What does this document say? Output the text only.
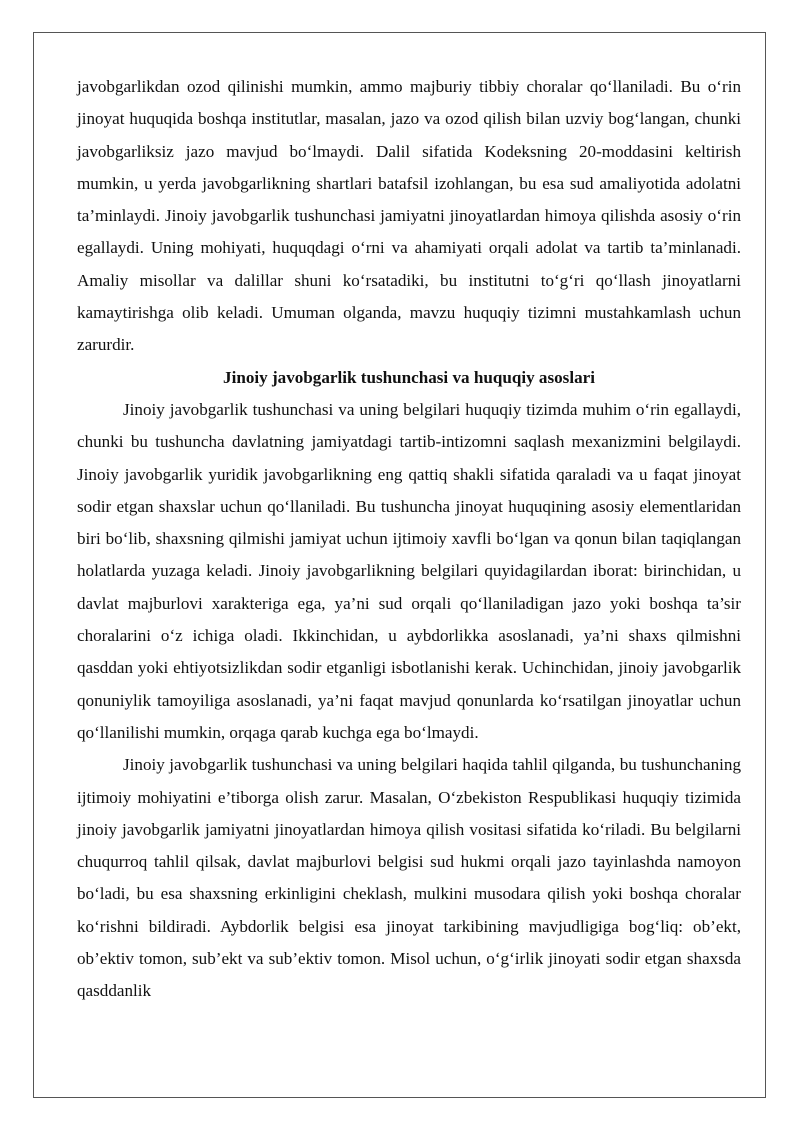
javobgarlikdan ozod qilinishi mumkin, ammo majburiy tibbiy choralar qo‘llaniladi. Bu o‘rin jinoyat huquqida boshqa institutlar, masalan, jazo va ozod qilish bilan uzviy bog‘langan, chunki javobgarliksiz jazo mavjud bo‘lmaydi. Dalil sifatida Kodeksning 20-moddasini keltirish mumkin, u yerda javobgarlikning shartlari batafsil izohlangan, bu esa sud amaliyotida adolatni ta’minlaydi. Jinoiy javobgarlik tushunchasi jamiyatni jinoyatlardan himoya qilishda asosiy o‘rin egallaydi. Uning mohiyati, huquqdagi o‘rni va ahamiyati orqali adolat va tartib ta’minlanadi. Amaliy misollar va dalillar shuni ko‘rsatadiki, bu institutni to‘g‘ri qo‘llash jinoyatlarni kamaytirishga olib keladi. Umuman olganda, mavzu huquqiy tizimni mustahkamlash uchun zarurdir.

Jinoiy javobgarlik tushunchasi va huquqiy asoslari

Jinoiy javobgarlik tushunchasi va uning belgilari huquqiy tizimda muhim o‘rin egallaydi, chunki bu tushuncha davlatning jamiyatdagi tartib-intizomni saqlash mexanizmini belgilaydi. Jinoiy javobgarlik yuridik javobgarlikning eng qattiq shakli sifatida qaraladi va u faqat jinoyat sodir etgan shaxslar uchun qo‘llaniladi. Bu tushuncha jinoyat huquqining asosiy elementlaridan biri bo‘lib, shaxsning qilmishi jamiyat uchun ijtimoiy xavfli bo‘lgan va qonun bilan taqiqlangan holatlarda yuzaga keladi. Jinoiy javobgarlikning belgilari quyidagilardan iborat: birinchidan, u davlat majburlovi xarakteriga ega, ya’ni sud orqali qo‘llaniladigan jazo yoki boshqa ta’sir choralarini o‘z ichiga oladi. Ikkinchidan, u aybdorlikka asoslanadi, ya’ni shaxs qilmishni qasddan yoki ehtiyotsizlikdan sodir etganligi isbotlanishi kerak. Uchinchidan, jinoiy javobgarlik qonuniylik tamoyiliga asoslanadi, ya’ni faqat mavjud qonunlarda ko‘rsatilgan jinoyatlar uchun qo‘llanilishi mumkin, orqaga qarab kuchga ega bo‘lmaydi.

Jinoiy javobgarlik tushunchasi va uning belgilari haqida tahlil qilganda, bu tushunchaning ijtimoiy mohiyatini e’tiborga olish zarur. Masalan, O‘zbekiston Respublikasi huquqiy tizimida jinoiy javobgarlik jamiyatni jinoyatlardan himoya qilish vositasi sifatida ko‘riladi. Bu belgilarni chuqurroq tahlil qilsak, davlat majburlovi belgisi sud hukmi orqali jazo tayinlashda namoyon bo‘ladi, bu esa shaxsning erkinligini cheklash, mulkini musodara qilish yoki boshqa choralar ko‘rishni bildiradi. Aybdorlik belgisi esa jinoyat tarkibining mavjudligiga bog‘liq: ob’ekt, ob’ektiv tomon, sub’ekt va sub’ektiv tomon. Misol uchun, o‘g‘irlik jinoyati sodir etgan shaxsda qasddanlik
